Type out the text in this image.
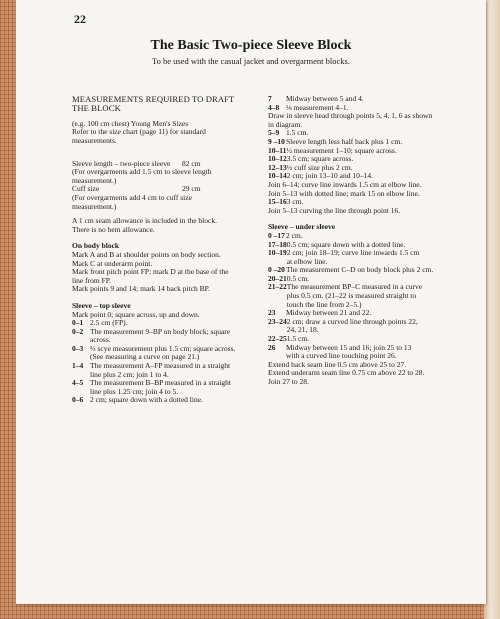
22
The Basic Two-piece Sleeve Block
To be used with the casual jacket and overgarment blocks.
MEASUREMENTS REQUIRED TO DRAFT
THE BLOCK
(e.g. 100 cm chest) Young Men's Sizes
Refer to the size chart (page 11) for standard
measurements.
Sleeve length – two-piece sleeve	82 cm
(For overgarments add 1.5 cm to sleeve length
measurement.)
Cuff size	29 cm
(For overgarments add 4 cm to cuff size
measurement.)
A 1 cm seam allowance is included in the block.
There is no hem allowance.
On body block
Mark A and B at shoulder points on body section.
Mark C at underarm point.
Mark front pitch point FP; mark D at the base of the
line from FP.
Mark points 9 and 14; mark 14 back pitch BP.
Sleeve – top sleeve
Mark point 0; square across, up and down.
0–1 2.5 cm (FP).
0–2 The measurement 9–BP on body block; square
across.
0–3 ⅓ scye measurement plus 1.5 cm; square across.
(See measuring a curve on page 21.)
1–4 The measurement A–FP measured in a straight
line plus 2 cm; join 1 to 4.
4–5 The measurement B–BP measured in a straight
line plus 1.25 cm; join 4 to 5.
0–6 2 cm; square down with a dotted line.
7	Midway between 5 and 4.
4–8 ⅛ measurement 4–1.
Draw in sleeve head through points 5, 4, 1, 6 as shown
in diagram.
5–9 1.5 cm.
9 –10 Sleeve length less half back plus 1 cm.
10–11 ½ measurement 1–10; square across.
10–12 3.5 cm; square across.
12–13 ½ cuff size plus 2 cm.
10–14 2 cm; join 13–10 and 10–14.
Join 6–14; curve line inwards 1.5 cm at elbow line.
Join 5–13 with dotted line; mark 15 on elbow line.
15–16 3 cm.
Join 5–13 curving the line through point 16.
Sleeve – under sleeve
0 –17 2 cm.
17–18 0.5 cm; square down with a dotted line.
10–19 2 cm; join 18–19; curve line inwards 1.5 cm
at elbow line.
0 –20 The measurement C–D on body block plus 2 cm.
20–21 0.5 cm.
21–22 The measurement BP–C measured in a curve
plus 0.5 cm. (21–22 is measured straight to
touch the line from 2–5.)
23	Midway between 21 and 22.
23–24 2 cm; draw a curved line through points 22,
24, 21, 18.
22–25 1.5 cm.
26	Midway between 15 and 16; join 25 to 13
with a curved line touching point 26.
Extend back seam line 0.5 cm above 25 to 27.
Extend underarm seam line 0.75 cm above 22 to 28.
Join 27 to 28.
